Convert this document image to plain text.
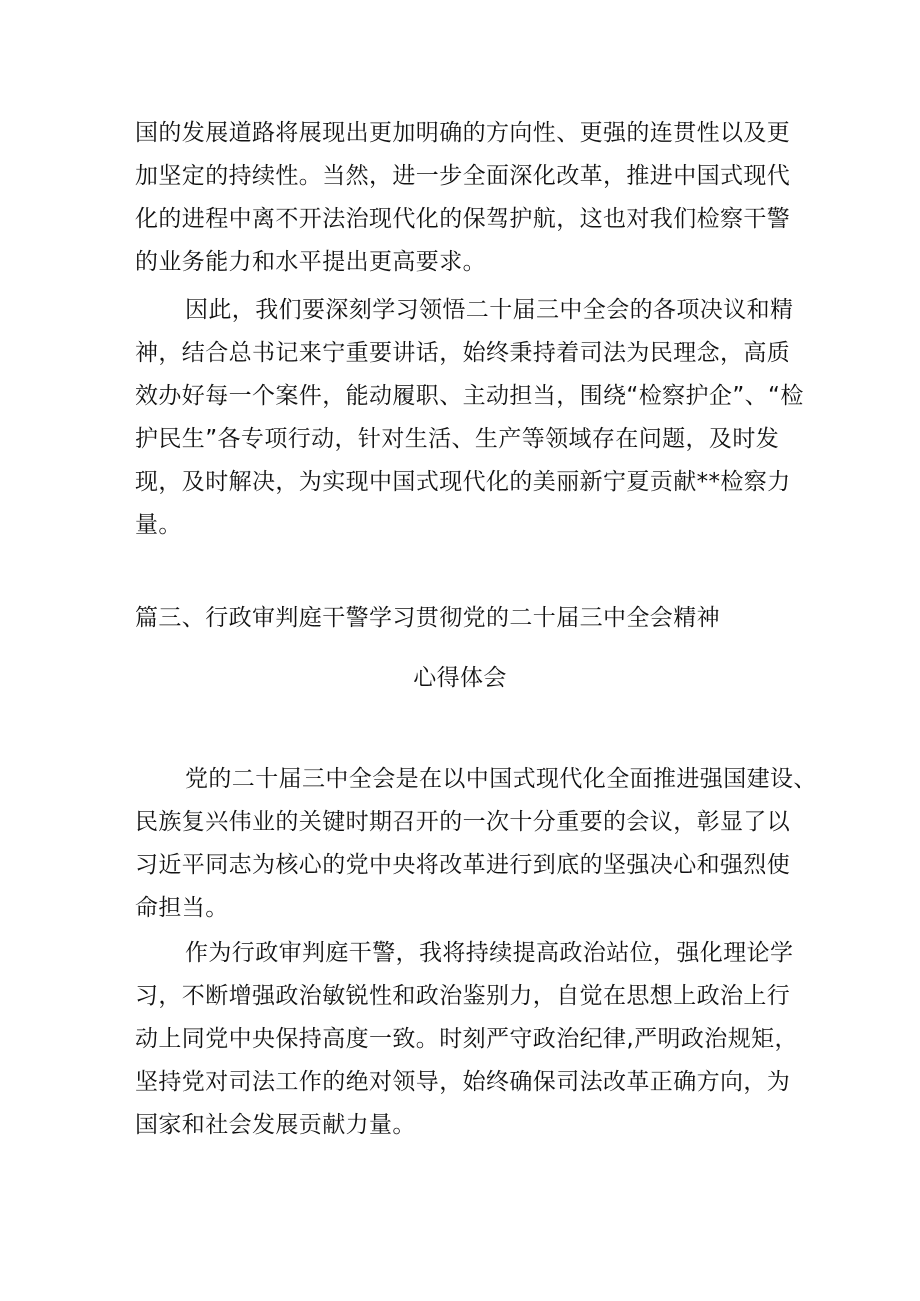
国的发展道路将展现出更加明确的方向性、更强的连贯性以及更
加坚定的持续性。当然，进一步全面深化改革，推进中国式现代
化的进程中离不开法治现代化的保驾护航，这也对我们检察干警
的业务能力和水平提出更高要求。
因此，我们要深刻学习领悟二十届三中全会的各项决议和精
神，结合总书记来宁重要讲话，始终秉持着司法为民理念，高质
效办好每一个案件，能动履职、主动担当，围绕“检察护企”、“检
护民生”各专项行动，针对生活、生产等领域存在问题，及时发
现，及时解决，为实现中国式现代化的美丽新宁夏贡献**检察力
量。
篇三、行政审判庭干警学习贯彻党的二十届三中全会精神
心得体会
党的二十届三中全会是在以中国式现代化全面推进强国建设、
民族复兴伟业的关键时期召开的一次十分重要的会议，彰显了以
习近平同志为核心的党中央将改革进行到底的坚强决心和强烈使
命担当。
作为行政审判庭干警，我将持续提高政治站位，强化理论学
习，不断增强政治敏锐性和政治鉴别力，自觉在思想上政治上行
动上同党中央保持高度一致。时刻严守政治纪律,严明政治规矩，
坚持党对司法工作的绝对领导，始终确保司法改革正确方向，为
国家和社会发展贡献力量。
